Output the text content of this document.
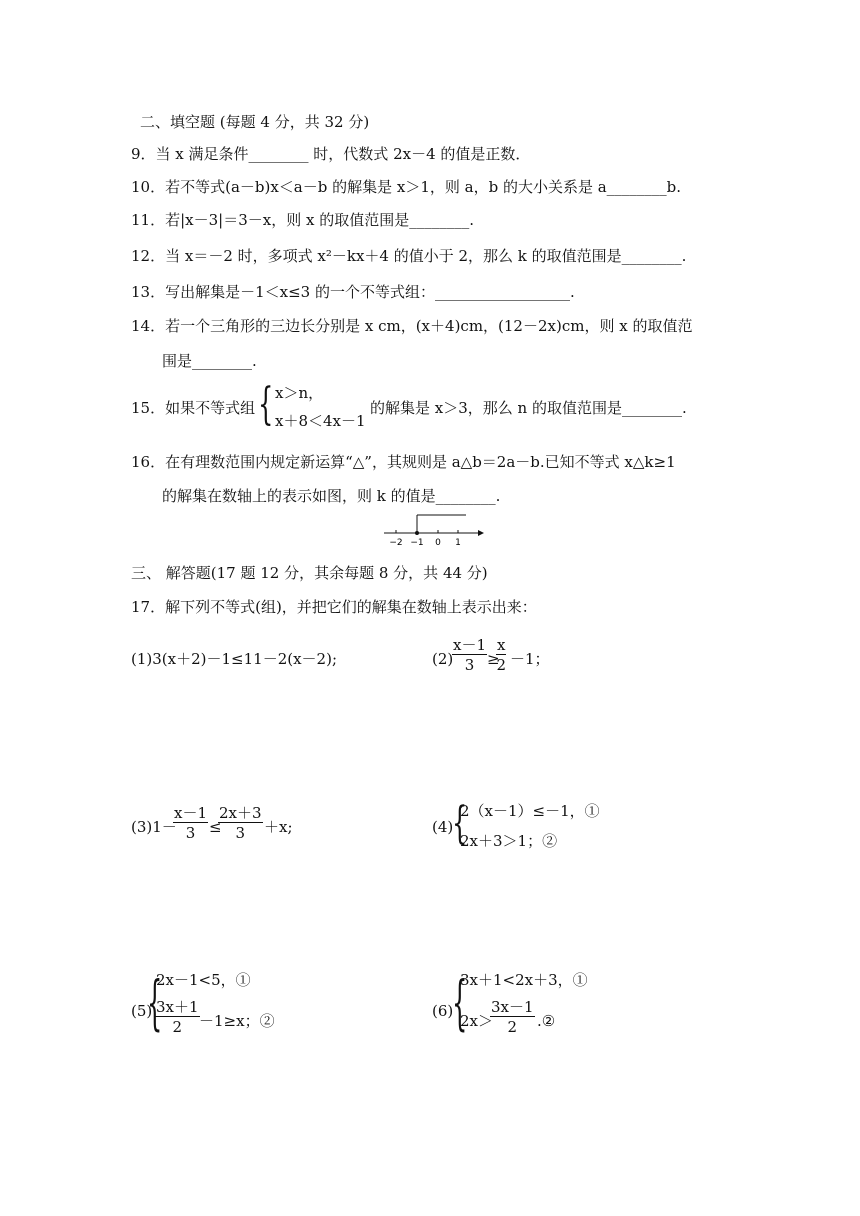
二、填空题 (每题 4 分，共 32 分)
9．当 x 满足条件________ 时，代数式 2x－4 的值是正数．
10．若不等式(a－b)x＜a－b 的解集是 x＞1，则 a，b 的大小关系是 a________b.
11．若|x－3|＝3－x，则 x 的取值范围是________.
12．当 x＝－2 时，多项式 x²－kx＋4 的值小于 2，那么 k 的取值范围是________.
13．写出解集是－1＜x≤3 的一个不等式组：__________________.
14．若一个三角形的三边长分别是 x cm，(x＋4)cm，(12－2x)cm，则 x 的取值范
围是________.
15．如果不等式组 { x＞n，
x＋8＜4x－1
的解集是 x＞3，那么 n 的取值范围是________.
16．在有理数范围内规定新运算“△”，其规则是 a△b＝2a－b.已知不等式 x△k≥1
的解集在数轴上的表示如图，则 k 的值是________.
−2 −1 0 1
三、 解答题(17 题 12 分，其余每题 8 分，共 44 分)
17．解下列不等式(组)，并把它们的解集在数轴上表示出来：
(1)3(x＋2)－1≤11－2(x－2);	(2)
$\frac{x-1}{3}$ ≥
$\frac{x}{2} -1$；
(3)1－
$\frac{x-1}{3}$ ≤
$\frac{2x+3}{3} +x$;	(4)
{
2（x－1）≤－1，①
2x＋3＞1；②
(5)
{
2x－1<5，①
$\frac{3x+1}{2} -1\ge x$；②
(6)
{
3x＋1<2x＋3，①
2x＞
$\frac{3x-1}{2}$ .②
